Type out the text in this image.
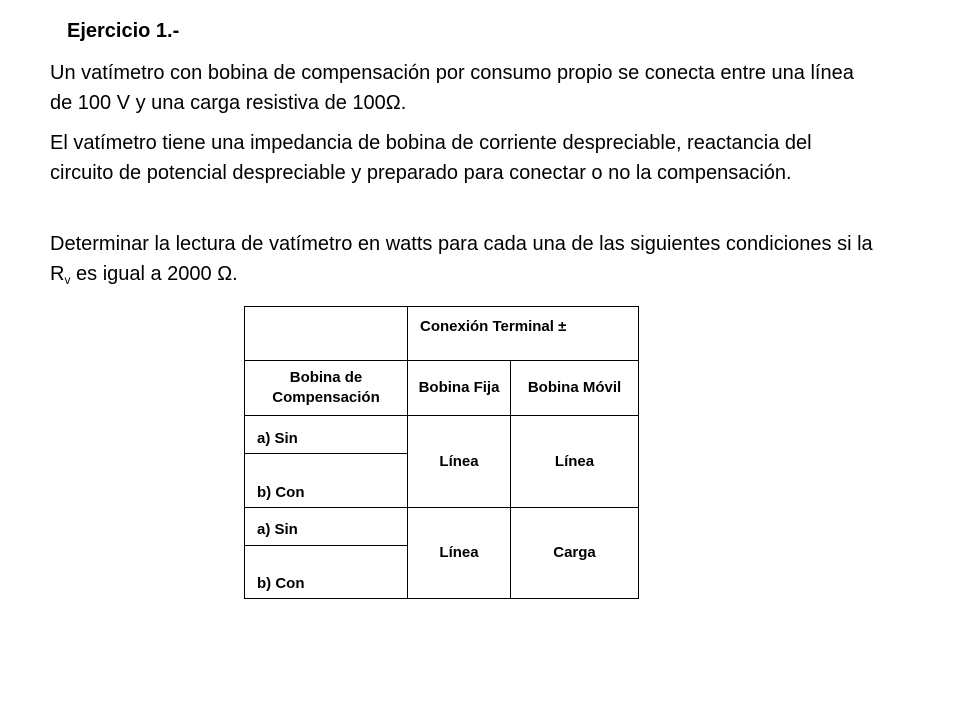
Ejercicio 1.-

Un vatímetro con bobina de compensación por consumo propio se conecta entre una línea de 100 V y una carga resistiva de 100Ω.

El vatímetro tiene una impedancia de bobina de corriente despreciable, reactancia del circuito de potencial despreciable y preparado para conectar o no la compensación.

Determinar la lectura de vatímetro en watts para cada una de las siguientes condiciones si la $R_v$ es igual a 2000 Ω.

	Conexión Terminal ±	
Bobina de Compensación	Bobina Fija	Bobina Móvil
a) Sin	Línea	Línea
b) Con		
a) Sin	Línea	Carga
b) Con		
